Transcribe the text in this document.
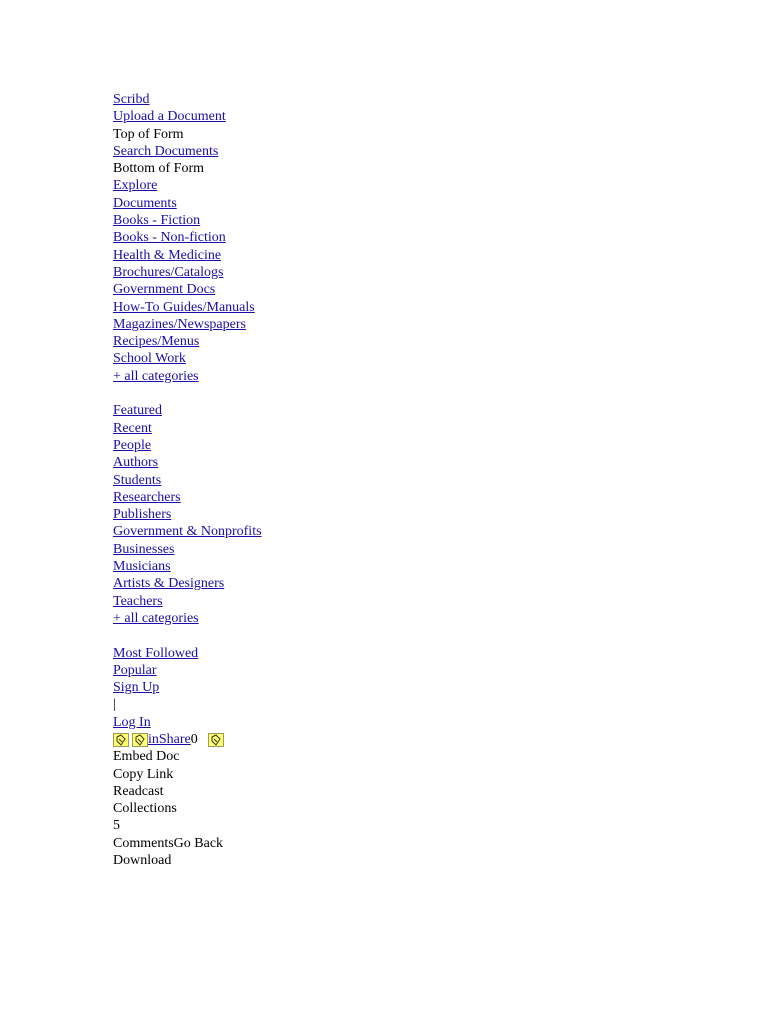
Scribd
Upload a Document
Top of Form
Search Documents
Bottom of Form
Explore
Documents
Books - Fiction
Books - Non-fiction
Health & Medicine
Brochures/Catalogs
Government Docs
How-To Guides/Manuals
Magazines/Newspapers
Recipes/Menus
School Work
+ all categories
Featured
Recent
People
Authors
Students
Researchers
Publishers
Government & Nonprofits
Businesses
Musicians
Artists & Designers
Teachers
+ all categories
Most Followed
Popular
Sign Up
|
Log In
inShare 0
Embed Doc
Copy Link
Readcast
Collections
5
CommentsGo Back
Download
